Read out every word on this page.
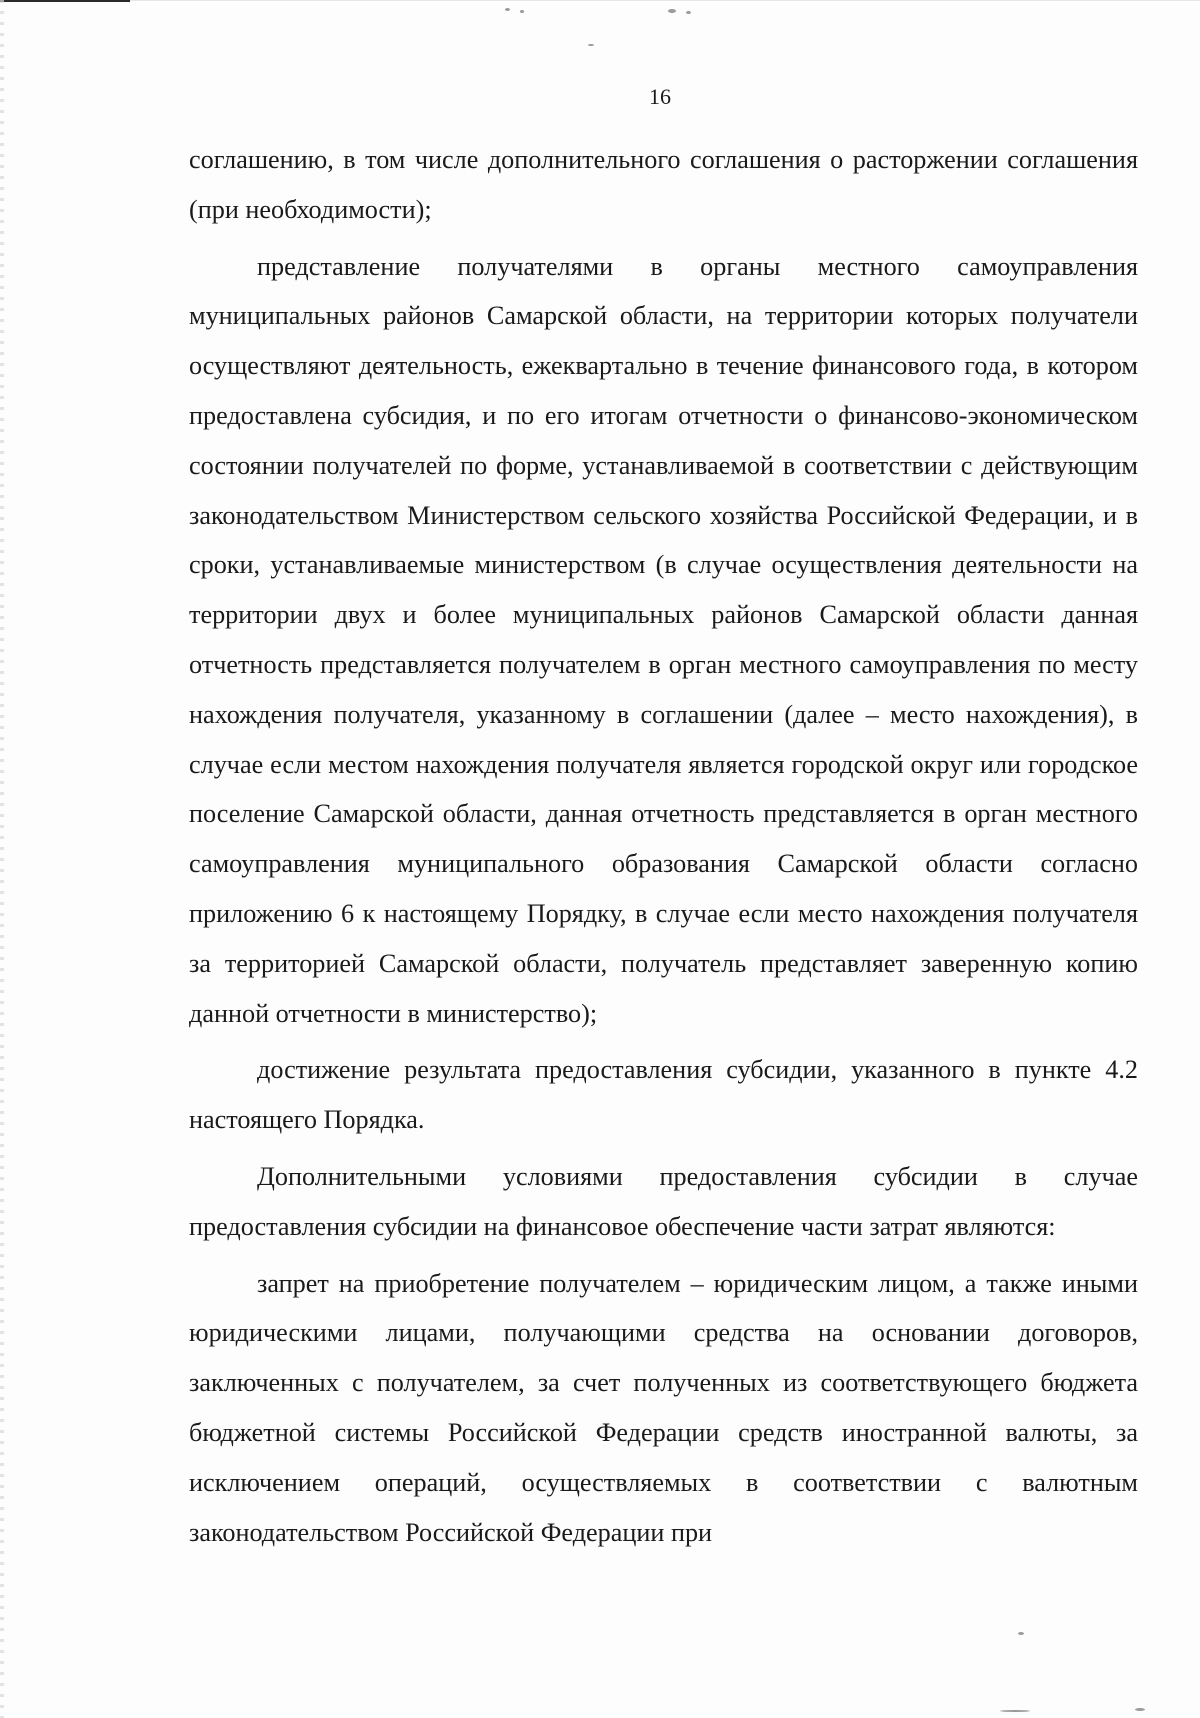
16

соглашению, в том числе дополнительного соглашения о расторжении соглашения (при необходимости);

представление получателями в органы местного самоуправления муниципальных районов Самарской области, на территории которых получатели осуществляют деятельность, ежеквартально в течение финансового года, в котором предоставлена субсидия, и по его итогам отчетности о финансово-экономическом состоянии получателей по форме, устанавливаемой в соответствии с действующим законодательством Министерством сельского хозяйства Российской Федерации, и в сроки, устанавливаемые министерством (в случае осуществления деятельности на территории двух и более муниципальных районов Самарской области данная отчетность представляется получателем в орган местного самоуправления по месту нахождения получателя, указанному в соглашении (далее – место нахождения), в случае если местом нахождения получателя является городской округ или городское поселение Самарской области, данная отчетность представляется в орган местного самоуправления муниципального образования Самарской области согласно приложению 6 к настоящему Порядку, в случае если место нахождения получателя за территорией Самарской области, получатель представляет заверенную копию данной отчетности в министерство);

достижение результата предоставления субсидии, указанного в пункте 4.2 настоящего Порядка.

Дополнительными условиями предоставления субсидии в случае предоставления субсидии на финансовое обеспечение части затрат являются:

запрет на приобретение получателем – юридическим лицом, а также иными юридическими лицами, получающими средства на основании договоров, заключенных с получателем, за счет полученных из соответствующего бюджета бюджетной системы Российской Федерации средств иностранной валюты, за исключением операций, осуществляемых в соответствии с валютным законодательством Российской Федерации при
